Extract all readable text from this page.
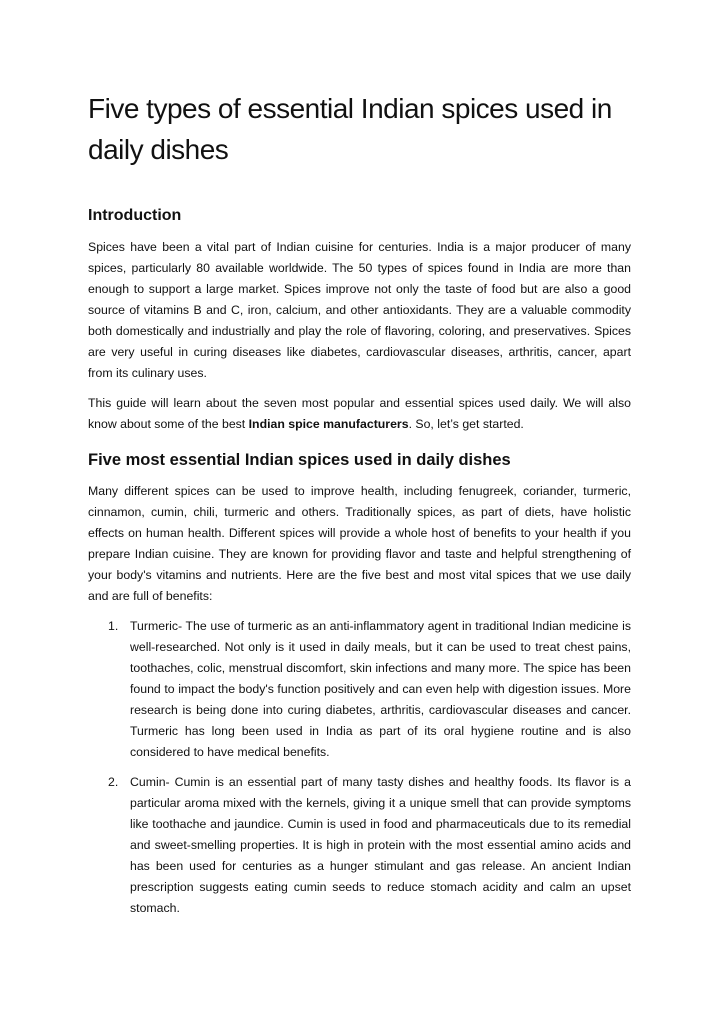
Five types of essential Indian spices used in daily dishes
Introduction

Spices have been a vital part of Indian cuisine for centuries. India is a major producer of many spices, particularly 80 available worldwide. The 50 types of spices found in India are more than enough to support a large market. Spices improve not only the taste of food but are also a good source of vitamins B and C, iron, calcium, and other antioxidants. They are a valuable commodity both domestically and industrially and play the role of flavoring, coloring, and preservatives. Spices are very useful in curing diseases like diabetes, cardiovascular diseases, arthritis, cancer, apart from its culinary uses.

This guide will learn about the seven most popular and essential spices used daily. We will also know about some of the best Indian spice manufacturers. So, let’s get started.

Five most essential Indian spices used in daily dishes

Many different spices can be used to improve health, including fenugreek, coriander, turmeric, cinnamon, cumin, chili, turmeric and others. Traditionally spices, as part of diets, have holistic effects on human health. Different spices will provide a whole host of benefits to your health if you prepare Indian cuisine. They are known for providing flavor and taste and helpful strengthening of your body's vitamins and nutrients. Here are the five best and most vital spices that we use daily and are full of benefits:

1. Turmeric- The use of turmeric as an anti-inflammatory agent in traditional Indian medicine is well-researched. Not only is it used in daily meals, but it can be used to treat chest pains, toothaches, colic, menstrual discomfort, skin infections and many more. The spice has been found to impact the body's function positively and can even help with digestion issues. More research is being done into curing diabetes, arthritis, cardiovascular diseases and cancer. Turmeric has long been used in India as part of its oral hygiene routine and is also considered to have medical benefits.
2. Cumin- Cumin is an essential part of many tasty dishes and healthy foods. Its flavor is a particular aroma mixed with the kernels, giving it a unique smell that can provide symptoms like toothache and jaundice. Cumin is used in food and pharmaceuticals due to its remedial and sweet-smelling properties. It is high in protein with the most essential amino acids and has been used for centuries as a hunger stimulant and gas release. An ancient Indian prescription suggests eating cumin seeds to reduce stomach acidity and calm an upset stomach.
